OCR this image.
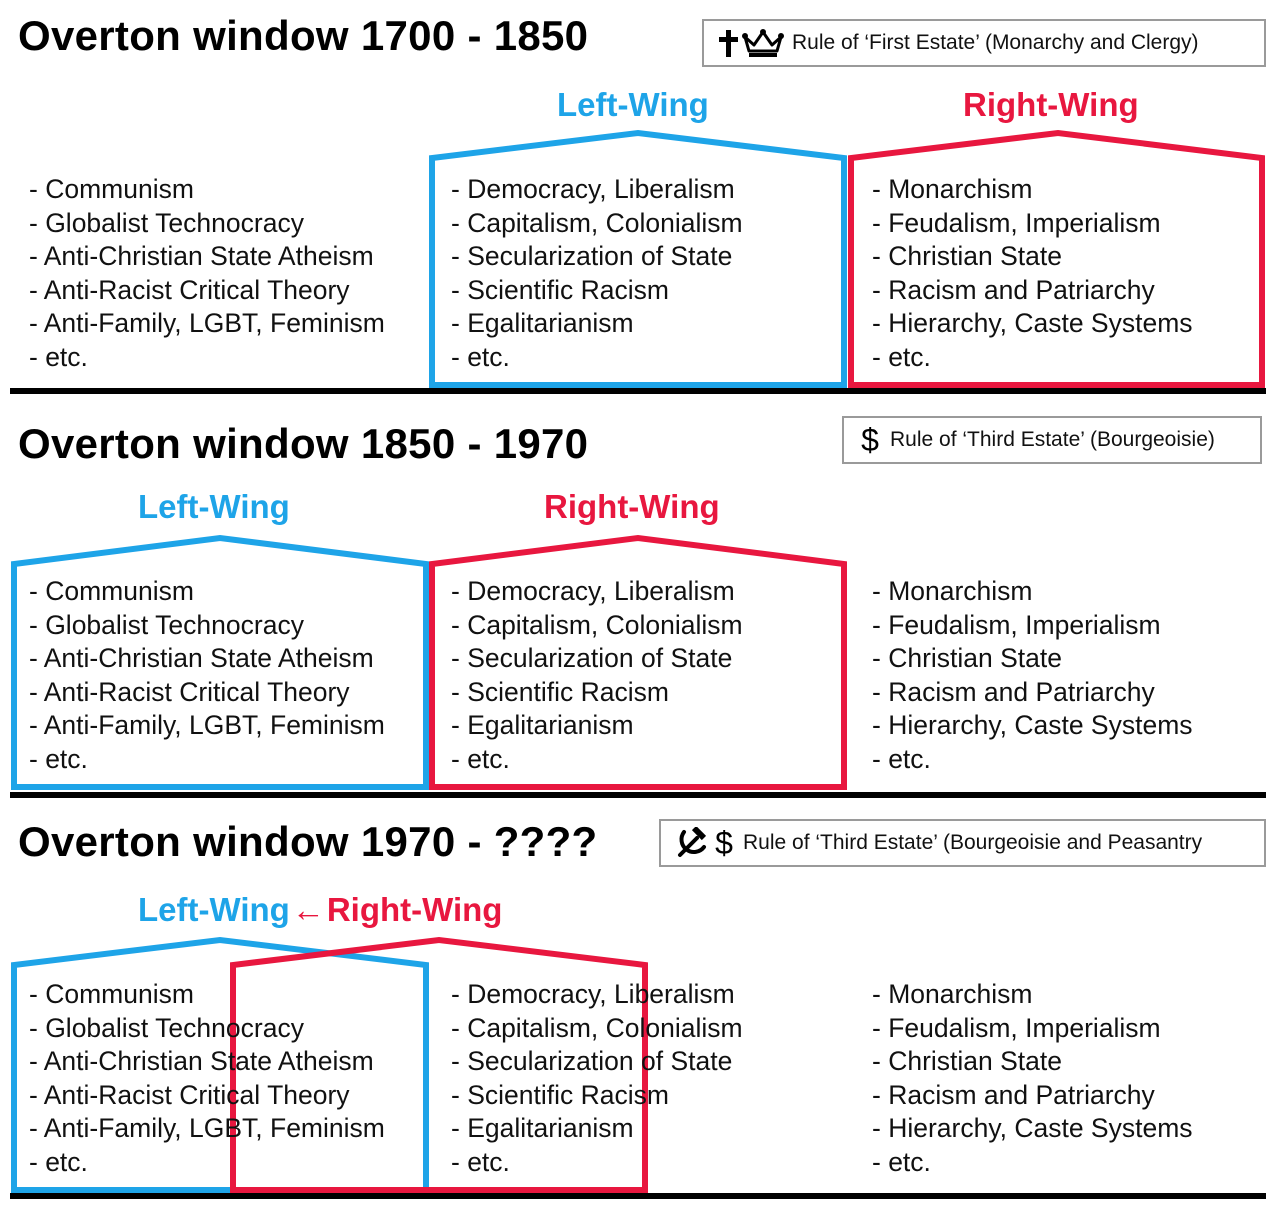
Overton window 1700 - 1850	Rule of ‘First Estate’ (Monarchy and Clergy)
Left-Wing	Right-Wing
- Communism
- Globalist Technocracy
- Anti-Christian State Atheism
- Anti-Racist Critical Theory
- Anti-Family, LGBT, Feminism
- etc.
- Democracy, Liberalism
- Capitalism, Colonialism
- Secularization of State
- Scientific Racism
- Egalitarianism
- etc.
- Monarchism
- Feudalism, Imperialism
- Christian State
- Racism and Patriarchy
- Hierarchy, Caste Systems
- etc.
Overton window 1850 - 1970	$ Rule of ‘Third Estate’ (Bourgeoisie)
Left-Wing	Right-Wing
- Communism
- Globalist Technocracy
- Anti-Christian State Atheism
- Anti-Racist Critical Theory
- Anti-Family, LGBT, Feminism
- etc.
- Democracy, Liberalism
- Capitalism, Colonialism
- Secularization of State
- Scientific Racism
- Egalitarianism
- etc.
- Monarchism
- Feudalism, Imperialism
- Christian State
- Racism and Patriarchy
- Hierarchy, Caste Systems
- etc.
Overton window 1970 - ????	$ Rule of ‘Third Estate’ (Bourgeoisie and Peasantry
Left-Wing ← Right-Wing
- Communism
- Globalist Technocracy
- Anti-Christian State Atheism
- Anti-Racist Critical Theory
- Anti-Family, LGBT, Feminism
- etc.
- Democracy, Liberalism
- Capitalism, Colonialism
- Secularization of State
- Scientific Racism
- Egalitarianism
- etc.
- Monarchism
- Feudalism, Imperialism
- Christian State
- Racism and Patriarchy
- Hierarchy, Caste Systems
- etc.
